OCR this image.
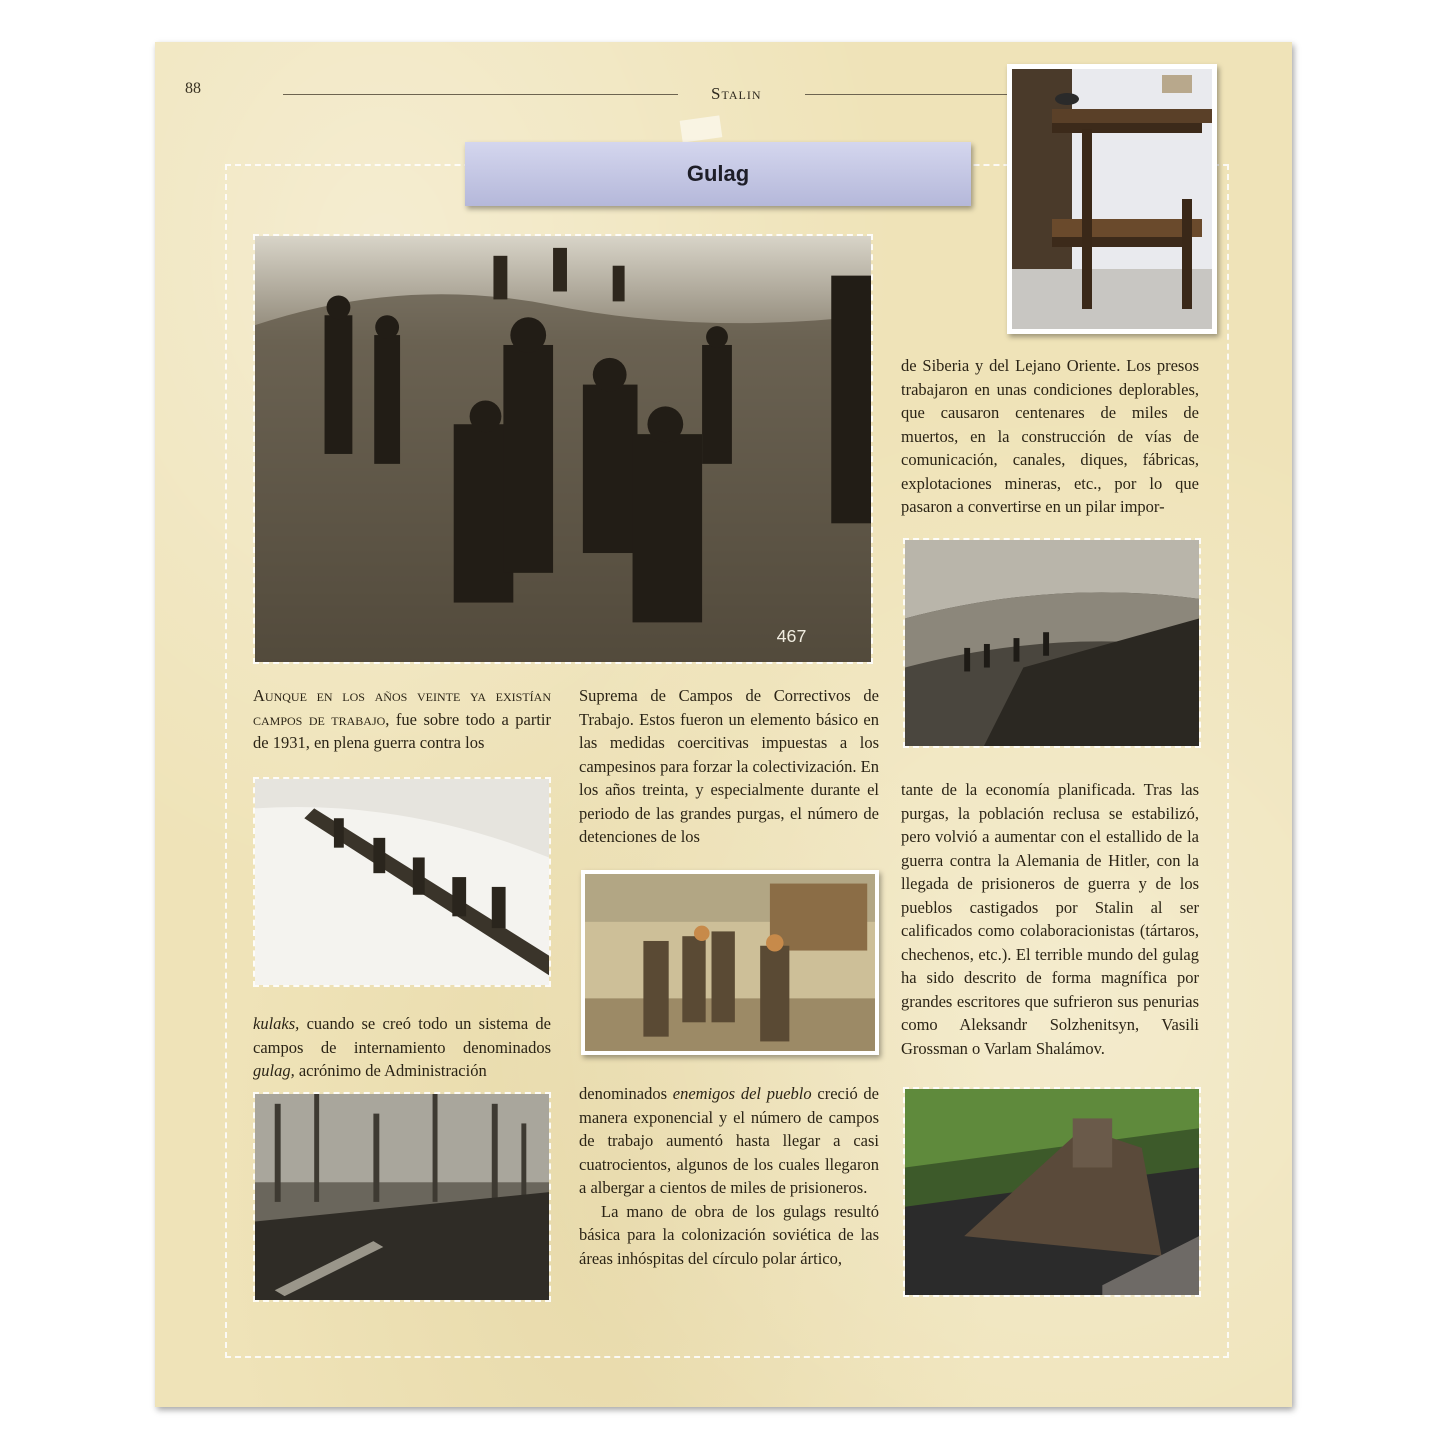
88	Stalin
Gulag
467

Aunque en los años veinte ya existían campos de trabajo, fue sobre todo a partir de 1931, en plena guerra contra los

kulaks, cuando se creó todo un sistema de campos de internamiento denominados gulag, acrónimo de Administración

Suprema de Campos de Correctivos de Trabajo. Estos fueron un elemento básico en las medidas coercitivas impuestas a los campesinos para forzar la colectivización. En los años treinta, y especialmente durante el periodo de las grandes purgas, el número de detenciones de los

denominados enemigos del pueblo creció de manera exponencial y el número de campos de trabajo aumentó hasta llegar a casi cuatrocientos, algunos de los cuales llegaron a albergar a cientos de miles de prisioneros.

La mano de obra de los gulags resultó básica para la colonización soviética de las áreas inhóspitas del círculo polar ártico,

de Siberia y del Lejano Oriente. Los presos trabajaron en unas condiciones deplorables, que causaron centenares de miles de muertos, en la construcción de vías de comunicación, canales, diques, fábricas, explotaciones mineras, etc., por lo que pasaron a convertirse en un pilar impor-

tante de la economía planificada. Tras las purgas, la población reclusa se estabilizó, pero volvió a aumentar con el estallido de la guerra contra la Alemania de Hitler, con la llegada de prisioneros de guerra y de los pueblos castigados por Stalin al ser calificados como colaboracionistas (tártaros, chechenos, etc.). El terrible mundo del gulag ha sido descrito de forma magnífica por grandes escritores que sufrieron sus penurias como Aleksandr Solzhenitsyn, Vasili Grossman o Varlam Shalámov.
